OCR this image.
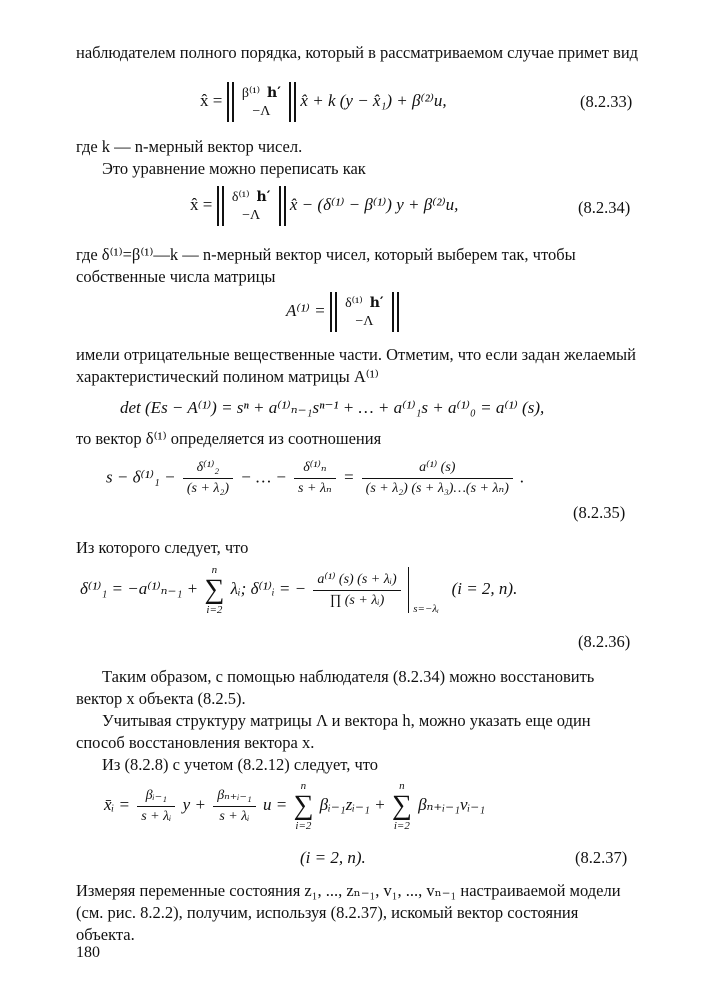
наблюдателем полного порядка, который в рассматриваемом случае примет вид
x̂ = β⁽¹⁾ h′
−Λ  x̂ + k (y − x̂₁) + β⁽²⁾u,	(8.2.33)
где k — n-мерный вектор чисел.
Это уравнение можно переписать как
x̂ = δ⁽¹⁾ h′
−Λ  x̂ − (δ⁽¹⁾ − β⁽¹⁾) y + β⁽²⁾u,	(8.2.34)
где δ⁽¹⁾=β⁽¹⁾—k — n-мерный вектор чисел, который выберем так, чтобы собственные числа матрицы
A⁽¹⁾ = δ⁽¹⁾ h′
−Λ
имели отрицательные вещественные части. Отметим, что если задан желаемый характеристический полином матрицы A⁽¹⁾
det (Es − A⁽¹⁾) = sⁿ + a⁽¹⁾ₙ₋₁sⁿ⁻¹ + … + a⁽¹⁾₁s + a⁽¹⁾₀ = a⁽¹⁾ (s),
то вектор δ⁽¹⁾ определяется из соотношения
$s - \delta^{(1)}_1 - \frac{\text{δ⁽¹⁾₂}}{\text{(s + λ₂)}}$ − … − $\frac{\text{δ⁽¹⁾ₙ}}{\text{s + λₙ}} = \frac{\text{a⁽¹⁾ (s)}}{\text{(s + λ₂) (s + λ₃)…(s + λₙ)}}$ .
(8.2.35)
Из которого следует, что
δ⁽¹⁾₁ = −a⁽¹⁾ₙ₋₁ +
n
∑
i=2
λᵢ; δ⁽¹⁾ᵢ = − $\frac{\text{a⁽¹⁾ (s) (s + λᵢ)}}{\text{∏ (s + λᵢ)}} _{s=-\lambda ᵢ}$   (i = 2, n).
(8.2.36)
Таким образом, с помощью наблюдателя (8.2.34) можно восстановить вектор x объекта (8.2.5).
Учитывая структуру матрицы Λ и вектора h, можно указать еще один способ восстановления вектора x.
Из (8.2.8) с учетом (8.2.12) следует, что
x̄ᵢ = $\frac{\text{βᵢ₋₁}}{\text{s + λᵢ}}$ $y + \frac{\text{βₙ₊ᵢ₋₁}}{\text{s + λᵢ}}$ u =
n
∑
i=2
βᵢ₋₁zᵢ₋₁ +
n
∑
i=2
βₙ₊ᵢ₋₁vᵢ₋₁
(i = 2, n).	(8.2.37)
Измеряя переменные состояния z₁, ..., zₙ₋₁, v₁, ..., vₙ₋₁ настраиваемой модели (см. рис. 8.2.2), получим, используя (8.2.37), искомый вектор состояния объекта.
180
